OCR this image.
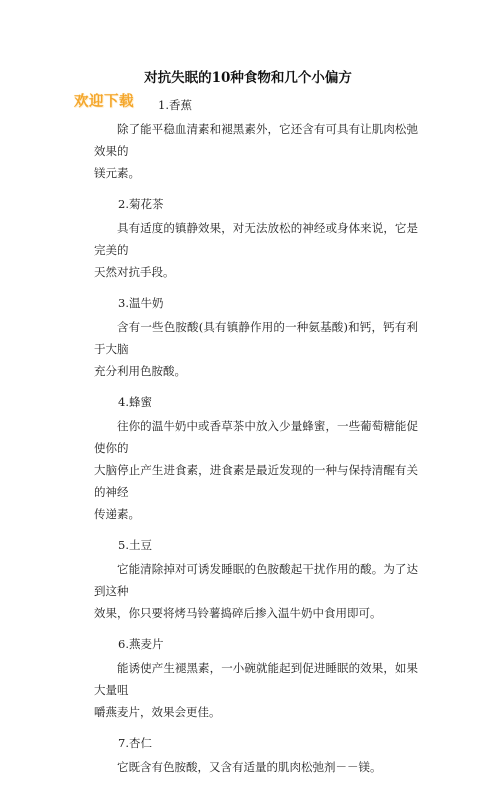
对抗失眠的10种食物和几个小偏方
欢迎下载 1.香蕉
除了能平稳血清素和褪黑素外，它还含有可具有让肌肉松弛效果的
镁元素。
2.菊花茶
具有适度的镇静效果，对无法放松的神经或身体来说，它是完美的
天然对抗手段。
3.温牛奶
含有一些色胺酸(具有镇静作用的一种氨基酸)和钙，钙有利于大脑
充分利用色胺酸。
4.蜂蜜
往你的温牛奶中或香草茶中放入少量蜂蜜，一些葡萄糖能促使你的
大脑停止产生进食素，进食素是最近发现的一种与保持清醒有关的神经
传递素。
5.土豆
它能清除掉对可诱发睡眠的色胺酸起干扰作用的酸。为了达到这种
效果，你只要将烤马铃薯捣碎后掺入温牛奶中食用即可。
6.燕麦片
能诱使产生褪黑素，一小碗就能起到促进睡眠的效果，如果大量咀
嚼燕麦片，效果会更佳。
7.杏仁
它既含有色胺酸，又含有适量的肌肉松弛剂－－镁。
